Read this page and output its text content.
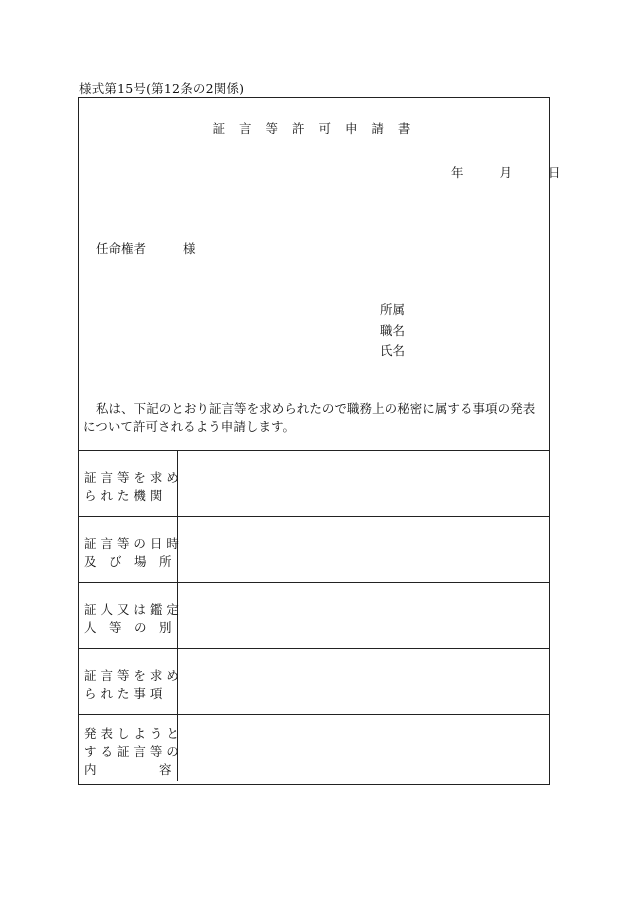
様式第15号(第12条の2関係)
証 言 等 許 可 申 請 書
年	月	日
任命権者	様
所属
職名
氏名
私は、下記のとおり証言等を求められたので職務上の秘密に属する事項の発表について許可されるよう申請します。
証 言 等 を 求 め
ら れ た 機 関
証 言 等 の 日 時
及　び　場　所
証 人 又 は 鑑 定
人　等　の　別
証 言 等 を 求 め
ら れ た 事 項
発 表 し よ う と
す る 証 言 等 の
内　　　　　容
